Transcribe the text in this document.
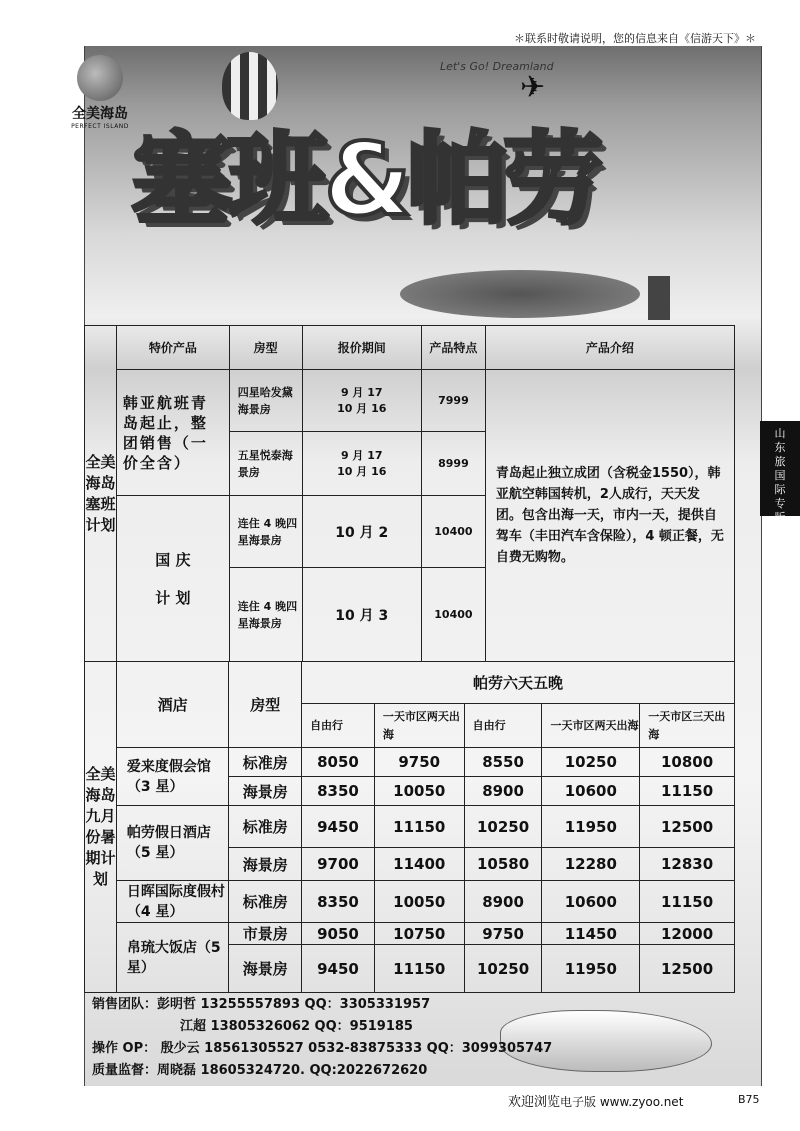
＊联系时敬请说明，您的信息来自《信游天下》＊
山
东
旅
国
际
专
版
全美海岛
PERFECT ISLAND
Let's Go! Dreamland
✈
塞班&帕劳
全美海岛塞班计划	特价产品	房型	报价期间	产品特点	产品介绍
	韩亚航班青岛起止，整团销售（一价全含）	四星哈发黛海景房	9 月 17
10 月 16	7999	青岛起止独立成团（含税金1550），韩亚航空韩国转机，2人成行，天天发团。包含出海一天，市内一天，提供自驾车（丰田汽车含保险），4 顿正餐，无自费无购物。
		五星悦泰海景房	9 月 17
10 月 16	8999	
	国 庆 计 划	连住 4 晚四星海景房	10 月 2	10400	
		连住 4 晚四星海景房	10 月 3	10400	
全美海岛九月份暑期计划	酒店	房型	帕劳六天五晚				
			自由行	一天市区两天出海	自由行	一天市区两天出海	一天市区三天出海
	爱来度假会馆（3 星）	标准房	8050	9750	8550	10250	10800
		海景房	8350	10050	8900	10600	11150
	帕劳假日酒店（5 星）	标准房	9450	11150	10250	11950	12500
		海景房	9700	11400	10580	12280	12830
	日晖国际度假村（4 星）	标准房	8350	10050	8900	10600	11150
	帛琉大饭店（5 星）	市景房	9050	10750	9750	11450	12000
		海景房	9450	11150	10250	11950	12500
销售团队：彭明哲 13255557893 QQ：3305331957
江超 13805326062 QQ：9519185
操作 OP： 殷少云 18561305527 0532-83875333 QQ：3099305747
质量监督：周晓磊 18605324720. QQ:2022672620
欢迎浏览电子版 www.zyoo.net	B75
